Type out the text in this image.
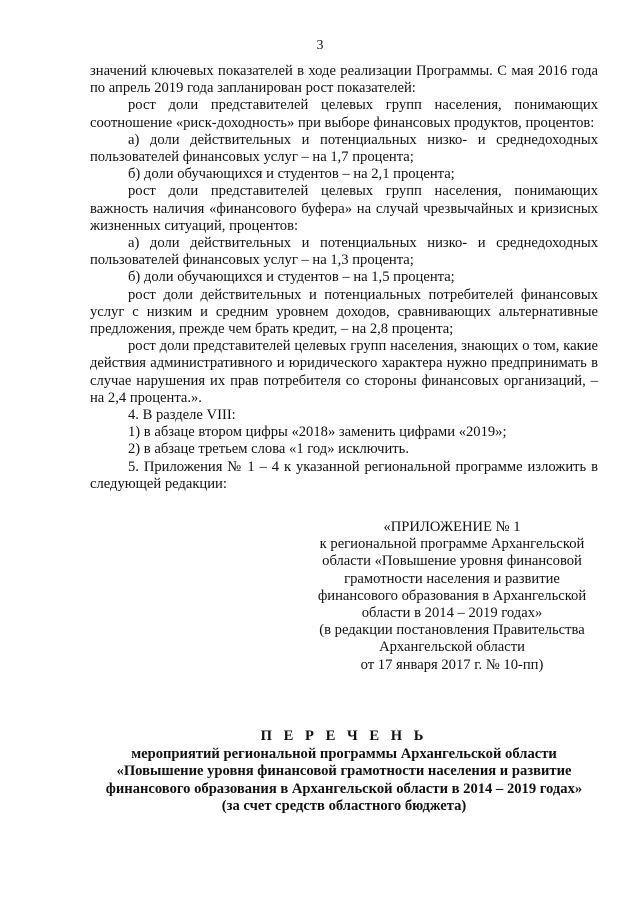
3

значений ключевых показателей в ходе реализации Программы. С мая 2016 года по апрель 2019 года запланирован рост показателей:

рост доли представителей целевых групп населения, понимающих соотношение «риск-доходность» при выборе финансовых продуктов, процентов:

а) доли действительных и потенциальных низко- и среднедоходных пользователей финансовых услуг – на 1,7 процента;

б) доли обучающихся и студентов – на 2,1 процента;

рост доли представителей целевых групп населения, понимающих важность наличия «финансового буфера» на случай чрезвычайных и кризисных жизненных ситуаций, процентов:

а) доли действительных и потенциальных низко- и среднедоходных пользователей финансовых услуг – на 1,3 процента;

б) доли обучающихся и студентов – на 1,5 процента;

рост доли действительных и потенциальных потребителей финансовых услуг с низким и средним уровнем доходов, сравнивающих альтернативные предложения, прежде чем брать кредит, – на 2,8 процента;

рост доли представителей целевых групп населения, знающих о том, какие действия административного и юридического характера нужно предпринимать в случае нарушения их прав потребителя со стороны финансовых организаций, – на 2,4 процента.».

4. В разделе VIII:

1) в абзаце втором цифры «2018» заменить цифрами «2019»;

2) в абзаце третьем слова «1 год» исключить.

5. Приложения № 1 – 4 к указанной региональной программе изложить в следующей редакции:

«ПРИЛОЖЕНИЕ № 1
к региональной программе Архангельской
области «Повышение уровня финансовой
грамотности населения и развитие
финансового образования в Архангельской
области в 2014 – 2019 годах»
(в редакции постановления Правительства
Архангельской области
от 17 января 2017 г. № 10-пп)
П Е Р Е Ч Е Н Ь
мероприятий региональной программы Архангельской области
«Повышение уровня финансовой грамотности населения и развитие
финансового образования в Архангельской области в 2014 – 2019 годах»
(за счет средств областного бюджета)
